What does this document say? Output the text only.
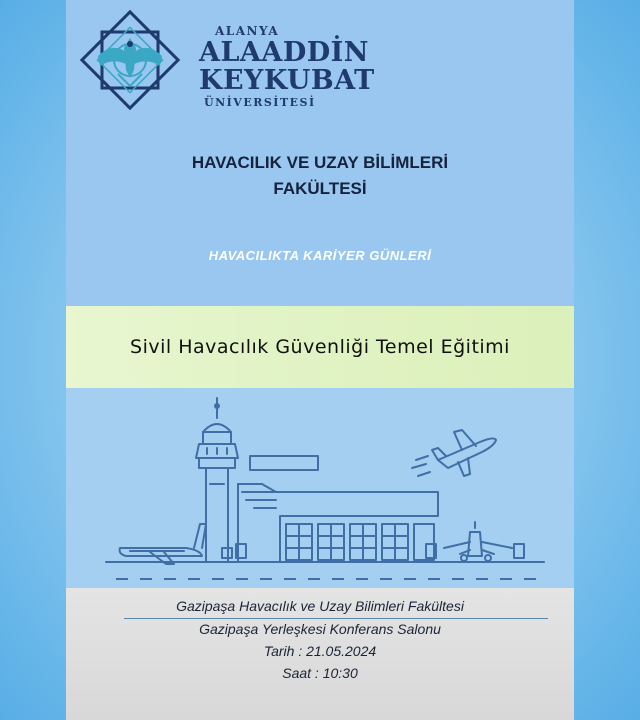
ALANYA
ALAADDİN
KEYKUBAT
ÜNİVERSİTESİ
HAVACILIK VE UZAY BİLİMLERİ
FAKÜLTESİ
HAVACILIKTA KARİYER GÜNLERİ
Sivil Havacılık Güvenliği Temel Eğitimi
Gazipaşa Havacılık ve Uzay Bilimleri Fakültesi
Gazipaşa Yerleşkesi Konferans Salonu
Tarih : 21.05.2024
Saat : 10:30
